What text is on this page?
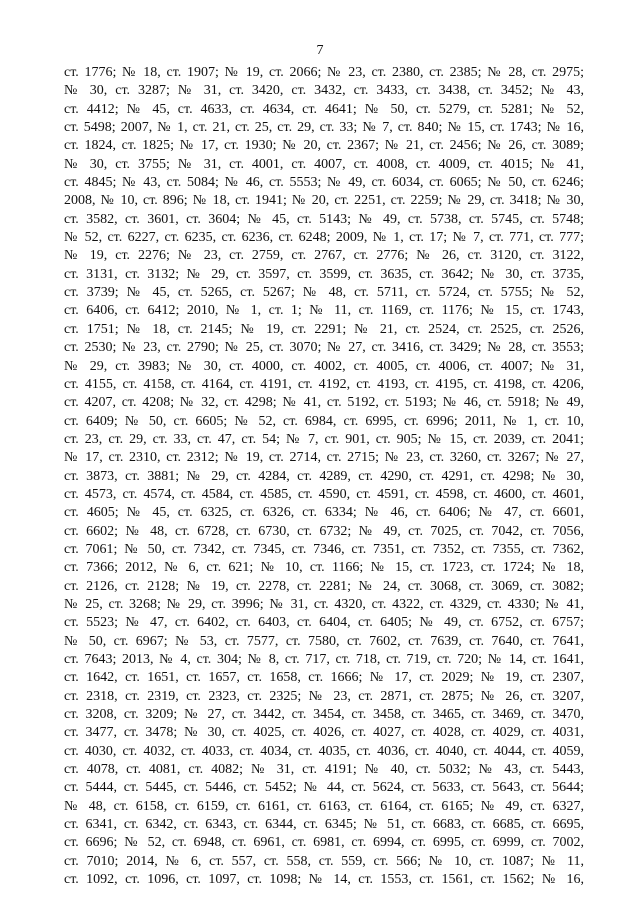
7
ст. 1776; № 18, ст. 1907; № 19, ст. 2066; № 23, ст. 2380, ст. 2385; № 28, ст. 2975;
№ 30, ст. 3287; № 31, ст. 3420, ст. 3432, ст. 3433, ст. 3438, ст. 3452; № 43,
ст. 4412; № 45, ст. 4633, ст. 4634, ст. 4641; № 50, ст. 5279, ст. 5281; № 52,
ст. 5498; 2007, № 1, ст. 21, ст. 25, ст. 29, ст. 33; № 7, ст. 840; № 15, ст. 1743; № 16,
ст. 1824, ст. 1825; № 17, ст. 1930; № 20, ст. 2367; № 21, ст. 2456; № 26, ст. 3089;
№ 30, ст. 3755; № 31, ст. 4001, ст. 4007, ст. 4008, ст. 4009, ст. 4015; № 41,
ст. 4845; № 43, ст. 5084; № 46, ст. 5553; № 49, ст. 6034, ст. 6065; № 50, ст. 6246;
2008, № 10, ст. 896; № 18, ст. 1941; № 20, ст. 2251, ст. 2259; № 29, ст. 3418; № 30,
ст. 3582, ст. 3601, ст. 3604; № 45, ст. 5143; № 49, ст. 5738, ст. 5745, ст. 5748;
№ 52, ст. 6227, ст. 6235, ст. 6236, ст. 6248; 2009, № 1, ст. 17; № 7, ст. 771, ст. 777;
№ 19, ст. 2276; № 23, ст. 2759, ст. 2767, ст. 2776; № 26, ст. 3120, ст. 3122,
ст. 3131, ст. 3132; № 29, ст. 3597, ст. 3599, ст. 3635, ст. 3642; № 30, ст. 3735,
ст. 3739; № 45, ст. 5265, ст. 5267; № 48, ст. 5711, ст. 5724, ст. 5755; № 52,
ст. 6406, ст. 6412; 2010, № 1, ст. 1; № 11, ст. 1169, ст. 1176; № 15, ст. 1743,
ст. 1751; № 18, ст. 2145; № 19, ст. 2291; № 21, ст. 2524, ст. 2525, ст. 2526,
ст. 2530; № 23, ст. 2790; № 25, ст. 3070; № 27, ст. 3416, ст. 3429; № 28, ст. 3553;
№ 29, ст. 3983; № 30, ст. 4000, ст. 4002, ст. 4005, ст. 4006, ст. 4007; № 31,
ст. 4155, ст. 4158, ст. 4164, ст. 4191, ст. 4192, ст. 4193, ст. 4195, ст. 4198, ст. 4206,
ст. 4207, ст. 4208; № 32, ст. 4298; № 41, ст. 5192, ст. 5193; № 46, ст. 5918; № 49,
ст. 6409; № 50, ст. 6605; № 52, ст. 6984, ст. 6995, ст. 6996; 2011, № 1, ст. 10,
ст. 23, ст. 29, ст. 33, ст. 47, ст. 54; № 7, ст. 901, ст. 905; № 15, ст. 2039, ст. 2041;
№ 17, ст. 2310, ст. 2312; № 19, ст. 2714, ст. 2715; № 23, ст. 3260, ст. 3267; № 27,
ст. 3873, ст. 3881; № 29, ст. 4284, ст. 4289, ст. 4290, ст. 4291, ст. 4298; № 30,
ст. 4573, ст. 4574, ст. 4584, ст. 4585, ст. 4590, ст. 4591, ст. 4598, ст. 4600, ст. 4601,
ст. 4605; № 45, ст. 6325, ст. 6326, ст. 6334; № 46, ст. 6406; № 47, ст. 6601,
ст. 6602; № 48, ст. 6728, ст. 6730, ст. 6732; № 49, ст. 7025, ст. 7042, ст. 7056,
ст. 7061; № 50, ст. 7342, ст. 7345, ст. 7346, ст. 7351, ст. 7352, ст. 7355, ст. 7362,
ст. 7366; 2012, № 6, ст. 621; № 10, ст. 1166; № 15, ст. 1723, ст. 1724; № 18,
ст. 2126, ст. 2128; № 19, ст. 2278, ст. 2281; № 24, ст. 3068, ст. 3069, ст. 3082;
№ 25, ст. 3268; № 29, ст. 3996; № 31, ст. 4320, ст. 4322, ст. 4329, ст. 4330; № 41,
ст. 5523; № 47, ст. 6402, ст. 6403, ст. 6404, ст. 6405; № 49, ст. 6752, ст. 6757;
№ 50, ст. 6967; № 53, ст. 7577, ст. 7580, ст. 7602, ст. 7639, ст. 7640, ст. 7641,
ст. 7643; 2013, № 4, ст. 304; № 8, ст. 717, ст. 718, ст. 719, ст. 720; № 14, ст. 1641,
ст. 1642, ст. 1651, ст. 1657, ст. 1658, ст. 1666; № 17, ст. 2029; № 19, ст. 2307,
ст. 2318, ст. 2319, ст. 2323, ст. 2325; № 23, ст. 2871, ст. 2875; № 26, ст. 3207,
ст. 3208, ст. 3209; № 27, ст. 3442, ст. 3454, ст. 3458, ст. 3465, ст. 3469, ст. 3470,
ст. 3477, ст. 3478; № 30, ст. 4025, ст. 4026, ст. 4027, ст. 4028, ст. 4029, ст. 4031,
ст. 4030, ст. 4032, ст. 4033, ст. 4034, ст. 4035, ст. 4036, ст. 4040, ст. 4044, ст. 4059,
ст. 4078, ст. 4081, ст. 4082; № 31, ст. 4191; № 40, ст. 5032; № 43, ст. 5443,
ст. 5444, ст. 5445, ст. 5446, ст. 5452; № 44, ст. 5624, ст. 5633, ст. 5643, ст. 5644;
№ 48, ст. 6158, ст. 6159, ст. 6161, ст. 6163, ст. 6164, ст. 6165; № 49, ст. 6327,
ст. 6341, ст. 6342, ст. 6343, ст. 6344, ст. 6345; № 51, ст. 6683, ст. 6685, ст. 6695,
ст. 6696; № 52, ст. 6948, ст. 6961, ст. 6981, ст. 6994, ст. 6995, ст. 6999, ст. 7002,
ст. 7010; 2014, № 6, ст. 557, ст. 558, ст. 559, ст. 566; № 10, ст. 1087; № 11,
ст. 1092, ст. 1096, ст. 1097, ст. 1098; № 14, ст. 1553, ст. 1561, ст. 1562; № 16,
